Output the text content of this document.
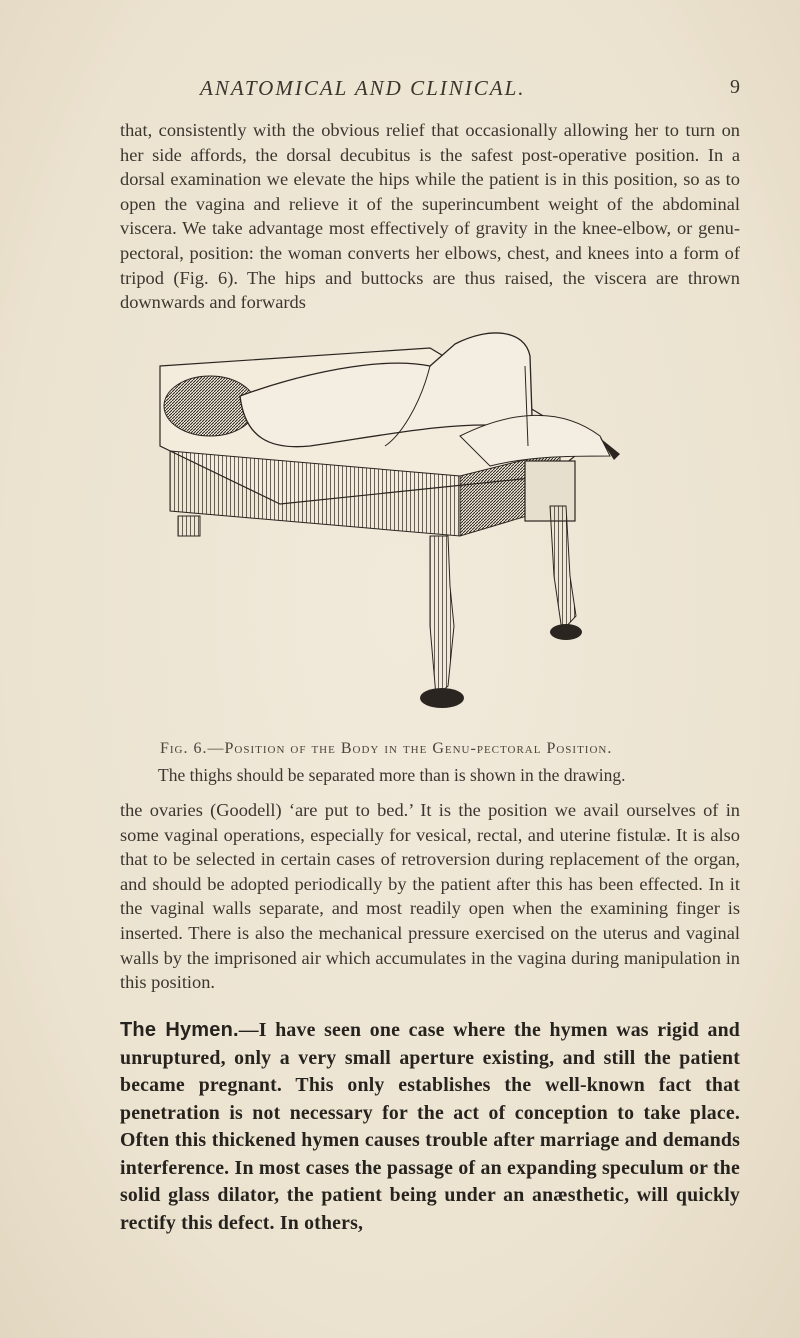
ANATOMICAL AND CLINICAL.	9

that, consistently with the obvious relief that occasionally allowing her to turn on her side affords, the dorsal decubitus is the safest post-operative position. In a dorsal examination we elevate the hips while the patient is in this position, so as to open the vagina and relieve it of the superincumbent weight of the abdominal viscera. We take advantage most effectively of gravity in the knee-elbow, or genu-pectoral, position: the woman converts her elbows, chest, and knees into a form of tripod (Fig. 6). The hips and buttocks are thus raised, the viscera are thrown downwards and forwards

Fig. 6.—Position of the Body in the Genu-pectoral Position.
The thighs should be separated more than is shown in the drawing.

the ovaries (Goodell) ‘are put to bed.’ It is the position we avail ourselves of in some vaginal operations, especially for vesical, rectal, and uterine fistulæ. It is also that to be selected in certain cases of retroversion during replacement of the organ, and should be adopted periodically by the patient after this has been effected. In it the vaginal walls separate, and most readily open when the examining finger is inserted. There is also the mechanical pressure exercised on the uterus and vaginal walls by the imprisoned air which accumulates in the vagina during manipulation in this position.

The Hymen.—I have seen one case where the hymen was rigid and unruptured, only a very small aperture existing, and still the patient became pregnant. This only establishes the well-known fact that penetration is not necessary for the act of conception to take place. Often this thickened hymen causes trouble after marriage and demands interference. In most cases the passage of an expanding speculum or the solid glass dilator, the patient being under an anæsthetic, will quickly rectify this defect. In others,
